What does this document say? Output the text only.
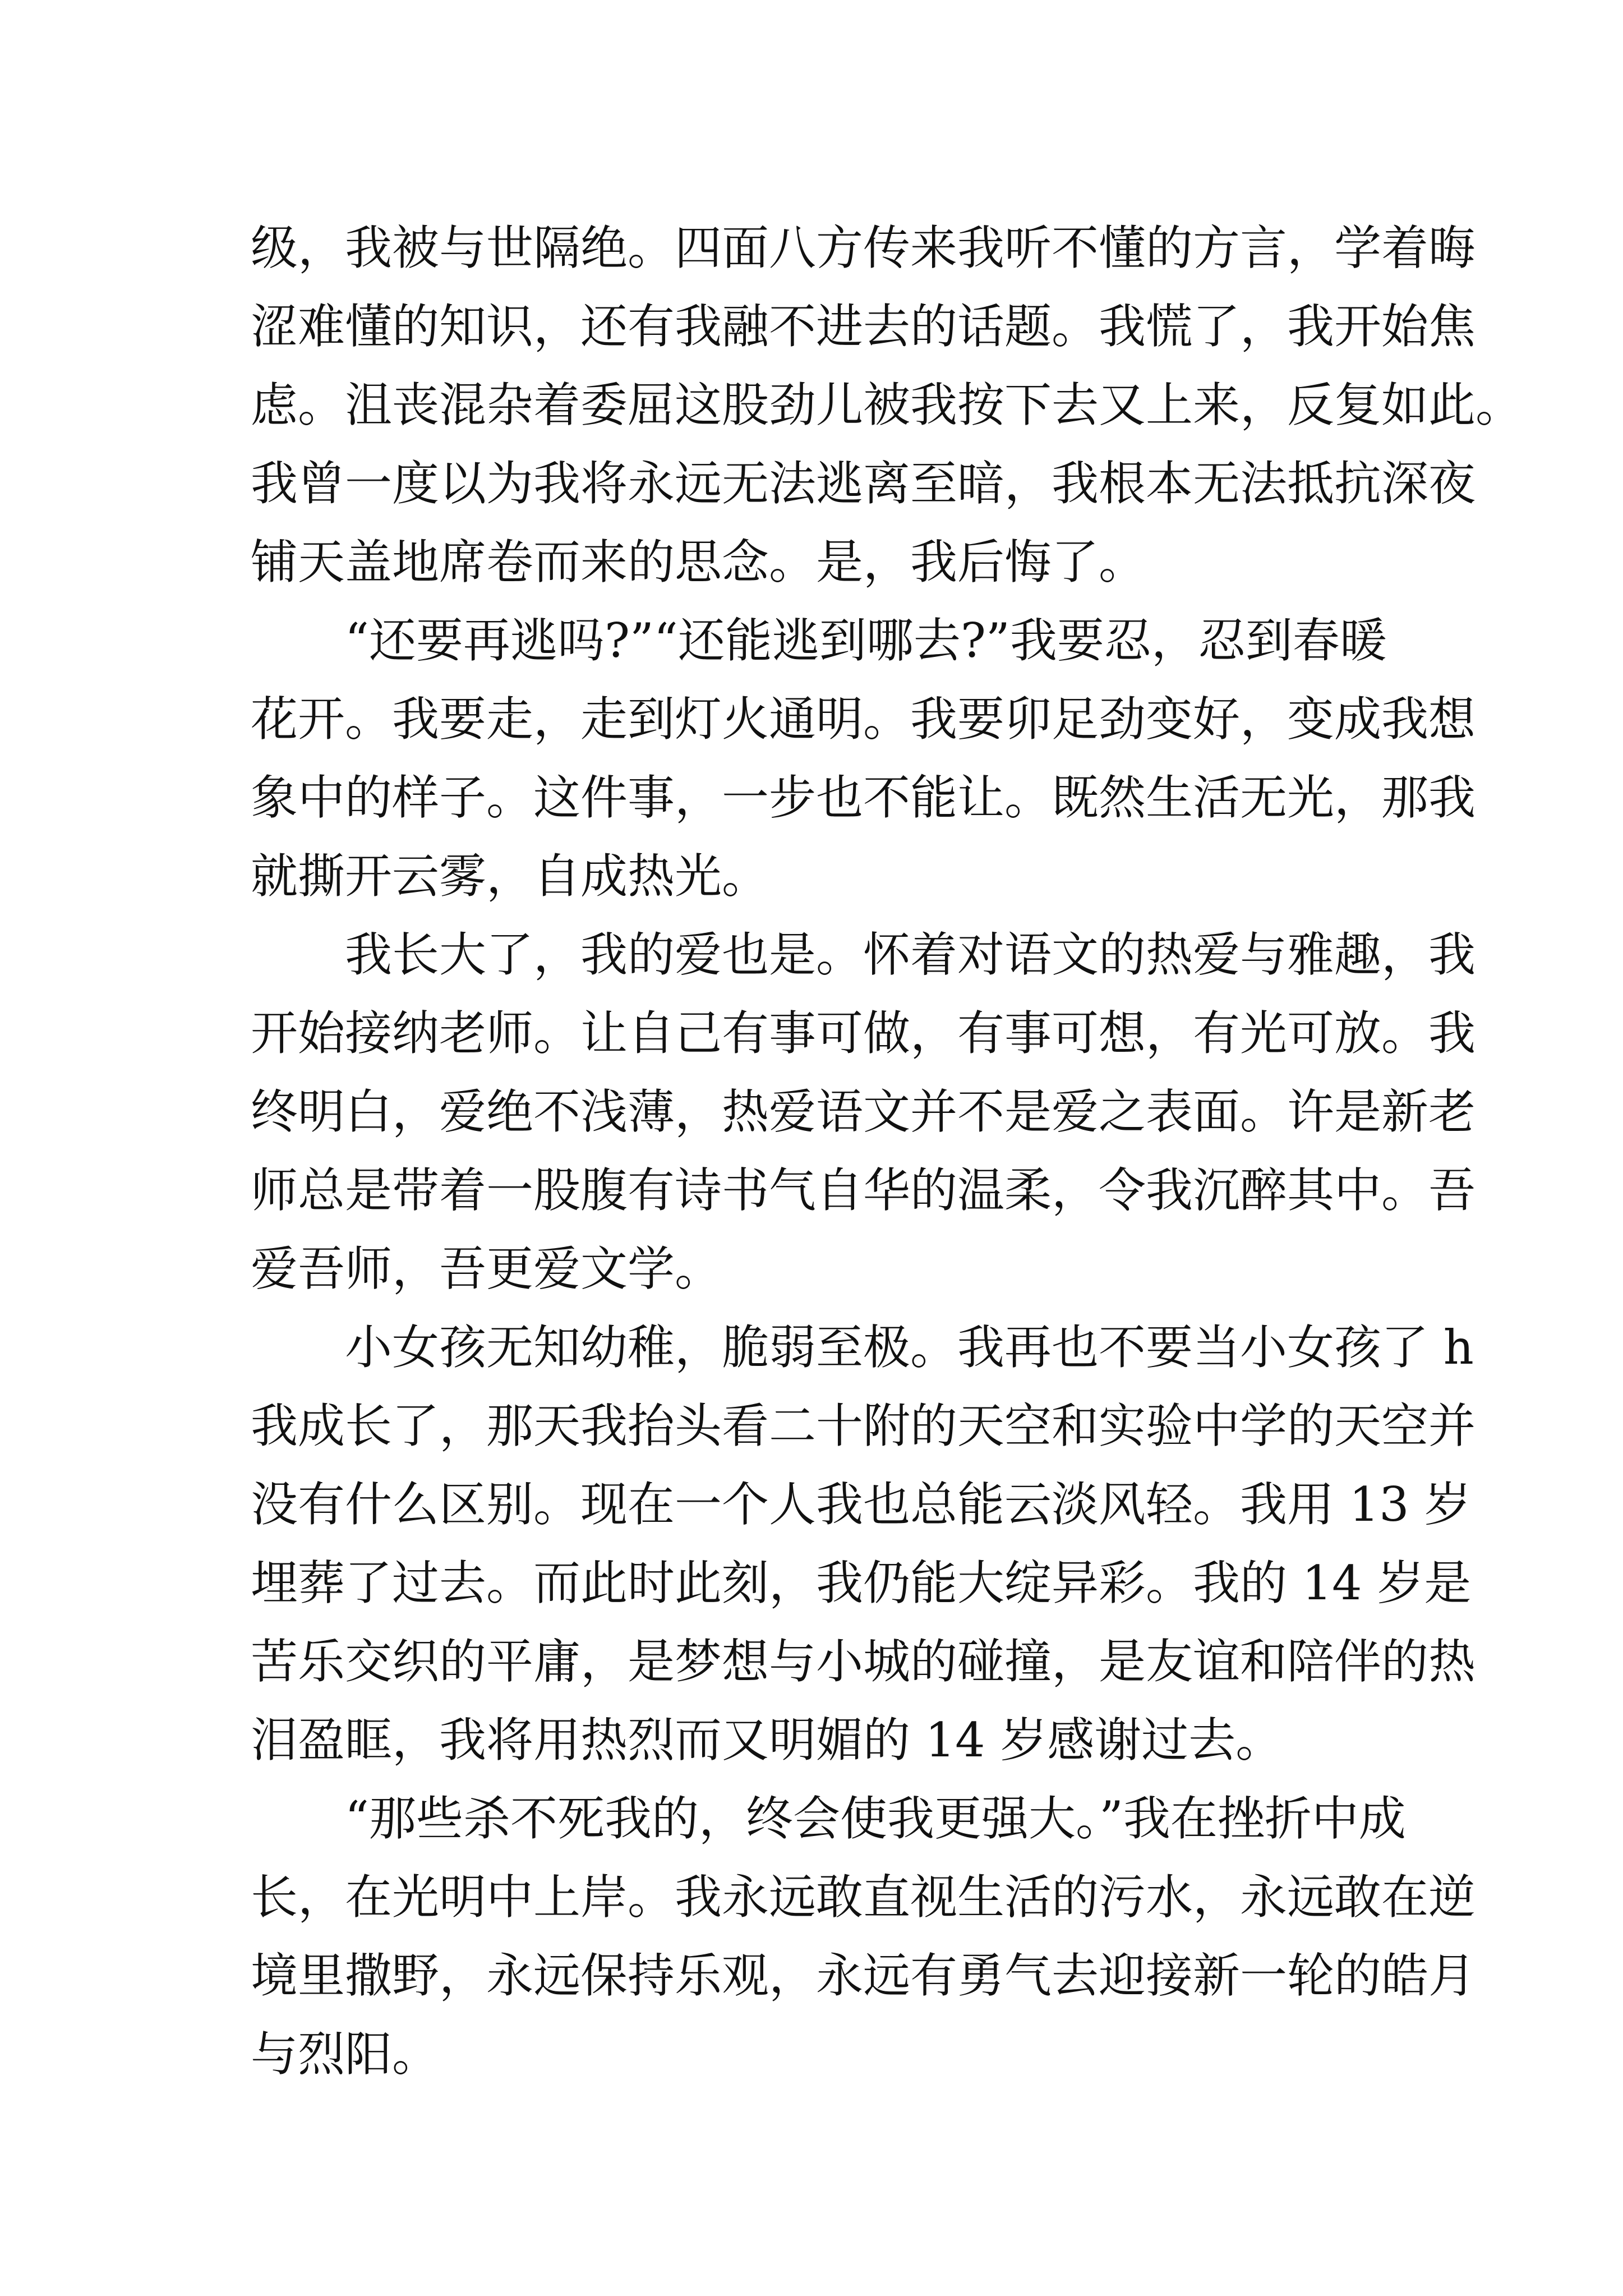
级，我被与世隔绝。四面八方传来我听不懂的方言，学着晦
涩难懂的知识，还有我融不进去的话题。我慌了，我开始焦
虑。沮丧混杂着委屈这股劲儿被我按下去又上来，反复如此。
我曾一度以为我将永远无法逃离至暗，我根本无法抵抗深夜
铺天盖地席卷而来的思念。是，我后悔了。
“还要再逃吗?”“还能逃到哪去?”我要忍，忍到春暖
花开。我要走，走到灯火通明。我要卯足劲变好，变成我想
象中的样子。这件事，一步也不能让。既然生活无光，那我
就撕开云雾，自成热光。
我长大了，我的爱也是。怀着对语文的热爱与雅趣，我
开始接纳老师。让自己有事可做，有事可想，有光可放。我
终明白，爱绝不浅薄，热爱语文并不是爱之表面。许是新老
师总是带着一股腹有诗书气自华的温柔，令我沉醉其中。吾
爱吾师，吾更爱文学。
小女孩无知幼稚，脆弱至极。我再也不要当小女孩了 h
我成长了，那天我抬头看二十附的天空和实验中学的天空并
没有什么区别。现在一个人我也总能云淡风轻。我用 13 岁
埋葬了过去。而此时此刻，我仍能大绽异彩。我的 14 岁是
苦乐交织的平庸，是梦想与小城的碰撞，是友谊和陪伴的热
泪盈眶，我将用热烈而又明媚的 14 岁感谢过去。
“那些杀不死我的，终会使我更强大。”我在挫折中成
长，在光明中上岸。我永远敢直视生活的污水，永远敢在逆
境里撒野，永远保持乐观，永远有勇气去迎接新一轮的皓月
与烈阳。
